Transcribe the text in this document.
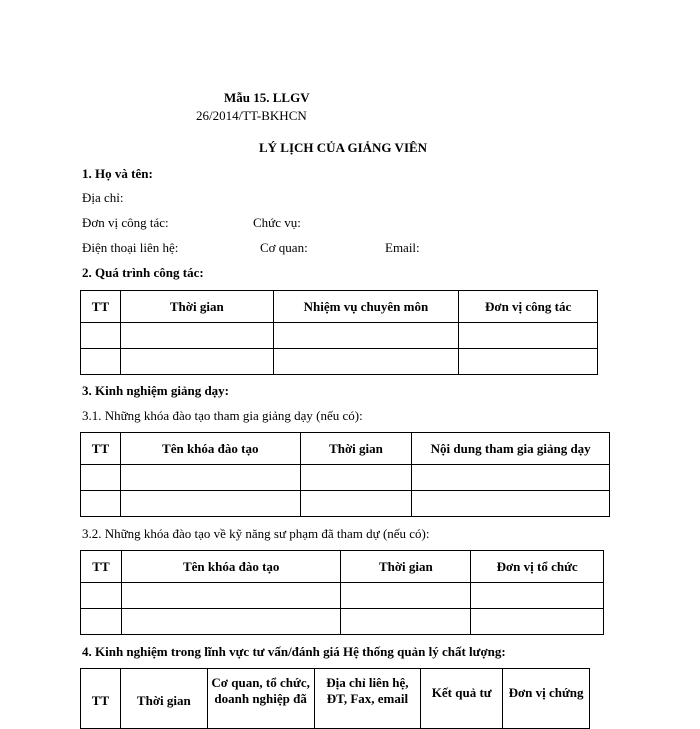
Mẫu 15. LLGV
26/2014/TT-BKHCN
LÝ LỊCH CỦA GIẢNG VIÊN
1. Họ và tên:
Địa chỉ:
Đơn vị công tác:	Chức vụ:
Điện thoại liên hệ:	Cơ quan:	Email:
2. Quá trình công tác:
TT	Thời gian	Nhiệm vụ chuyên môn	Đơn vị công tác

3. Kinh nghiệm giảng dạy:
3.1. Những khóa đào tạo tham gia giảng dạy (nếu có):
TT	Tên khóa đào tạo	Thời gian	Nội dung tham gia giảng dạy

3.2. Những khóa đào tạo về kỹ năng sư phạm đã tham dự (nếu có):
TT	Tên khóa đào tạo	Thời gian	Đơn vị tổ chức

4. Kinh nghiệm trong lĩnh vực tư vấn/đánh giá Hệ thống quản lý chất lượng:
TT	Thời gian	Cơ quan, tổ chức, doanh nghiệp đã	Địa chỉ liên hệ, ĐT, Fax, email	Kết quả tư	Đơn vị chứng
